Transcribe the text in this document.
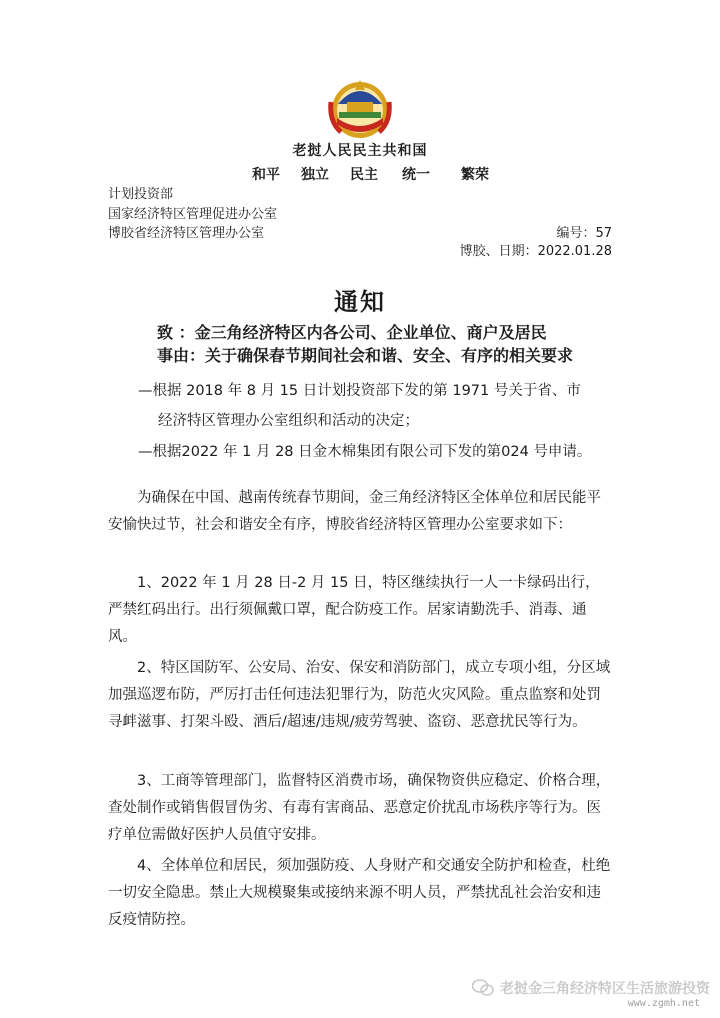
老挝人民民主共和国
和平 独立 民主 统一 繁荣
计划投资部
国家经济特区管理促进办公室
博胶省经济特区管理办公室	编号：57
博胶、日期：2022.01.28
通知
致 ：金三角经济特区内各公司、企业单位、商户及居民
事由：关于确保春节期间社会和谐、安全、有序的相关要求
—根据 2018 年 8 月 15 日计划投资部下发的第 1971 号关于省、市
经济特区管理办公室组织和活动的决定；
—根据2022 年 1 月 28 日金木棉集团有限公司下发的第024 号申请。
为确保在中国、越南传统春节期间，金三角经济特区全体单位和居民能平安愉快过节，社会和谐安全有序，博胶省经济特区管理办公室要求如下：
1、2022 年 1 月 28 日-2 月 15 日，特区继续执行一人一卡绿码出行，严禁红码出行。出行须佩戴口罩，配合防疫工作。居家请勤洗手、消毒、通风。
2、特区国防军、公安局、治安、保安和消防部门，成立专项小组，分区域加强巡逻布防，严厉打击任何违法犯罪行为，防范火灾风险。重点监察和处罚寻衅滋事、打架斗殴、酒后/超速/违规/疲劳驾驶、盗窃、恶意扰民等行为。
3、工商等管理部门，监督特区消费市场，确保物资供应稳定、价格合理，查处制作或销售假冒伪劣、有毒有害商品、恶意定价扰乱市场秩序等行为。医疗单位需做好医护人员值守安排。
4、全体单位和居民，须加强防疫、人身财产和交通安全防护和检查，杜绝一切安全隐患。禁止大规模聚集或接纳来源不明人员，严禁扰乱社会治安和违反疫情防控。
老挝金三角经济特区生活旅游投资
www.zgmh.net
